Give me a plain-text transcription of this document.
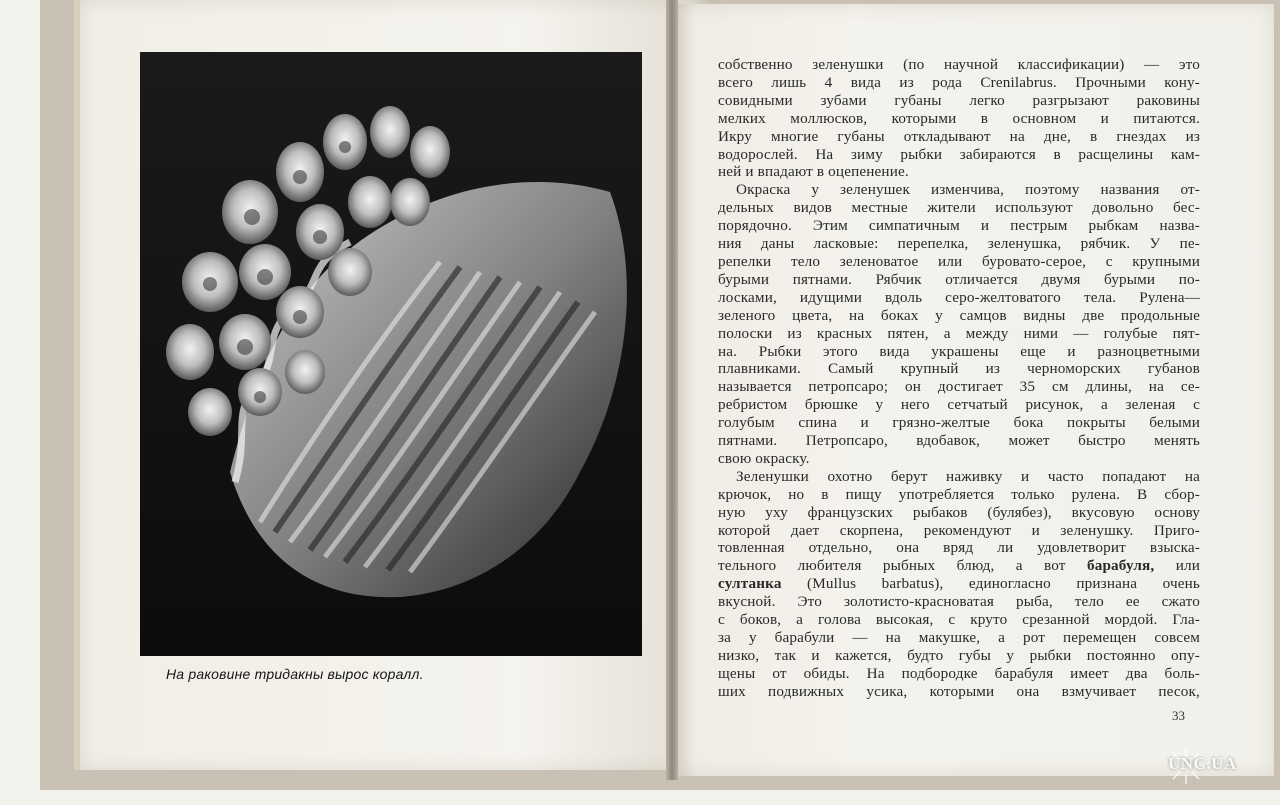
На раковине тридакны вырос коралл.
собственно зеленушки (по научной классификации) — это
всего лишь 4 вида из рода Crenilabrus. Прочными кону-
совидными зубами губаны легко разгрызают раковины
мелких моллюсков, которыми в основном и питаются.
Икру многие губаны откладывают на дне, в гнездах из
водорослей. На зиму рыбки забираются в расщелины кам-
ней и впадают в оцепенение.
Окраска у зеленушек изменчива, поэтому названия от-
дельных видов местные жители используют довольно бес-
порядочно. Этим симпатичным и пестрым рыбкам назва-
ния даны ласковые: перепелка, зеленушка, рябчик. У пе-
репелки тело зеленоватое или буровато-серое, с крупными
бурыми пятнами. Рябчик отличается двумя бурыми по-
лосками, идущими вдоль серо-желтоватого тела. Рулена—
зеленого цвета, на боках у самцов видны две продольные
полоски из красных пятен, а между ними — голубые пят-
на. Рыбки этого вида украшены еще и разноцветными
плавниками. Самый крупный из черноморских губанов
называется петропсаро; он достигает 35 см длины, на се-
ребристом брюшке у него сетчатый рисунок, а зеленая с
голубым спина и грязно-желтые бока покрыты белыми
пятнами. Петропсаро, вдобавок, может быстро менять
свою окраску.
Зеленушки охотно берут наживку и часто попадают на
крючок, но в пищу употребляется только рулена. В сбор-
ную уху французских рыбаков (булябез), вкусовую основу
которой дает скорпена, рекомендуют и зеленушку. Приго-
товленная отдельно, она вряд ли удовлетворит взыска-
тельного любителя рыбных блюд, а вот барабуля, или
султанка (Mullus barbatus), единогласно признана очень
вкусной. Это золотисто-красноватая рыба, тело ее сжато
с боков, а голова высокая, с круто срезанной мордой. Гла-
за у барабули — на макушке, а рот перемещен совсем
низко, так и кажется, будто губы у рыбки постоянно опу-
щены от обиды. На подбородке барабуля имеет два боль-
ших подвижных усика, которыми она взмучивает песок,
33
UNC.UA
